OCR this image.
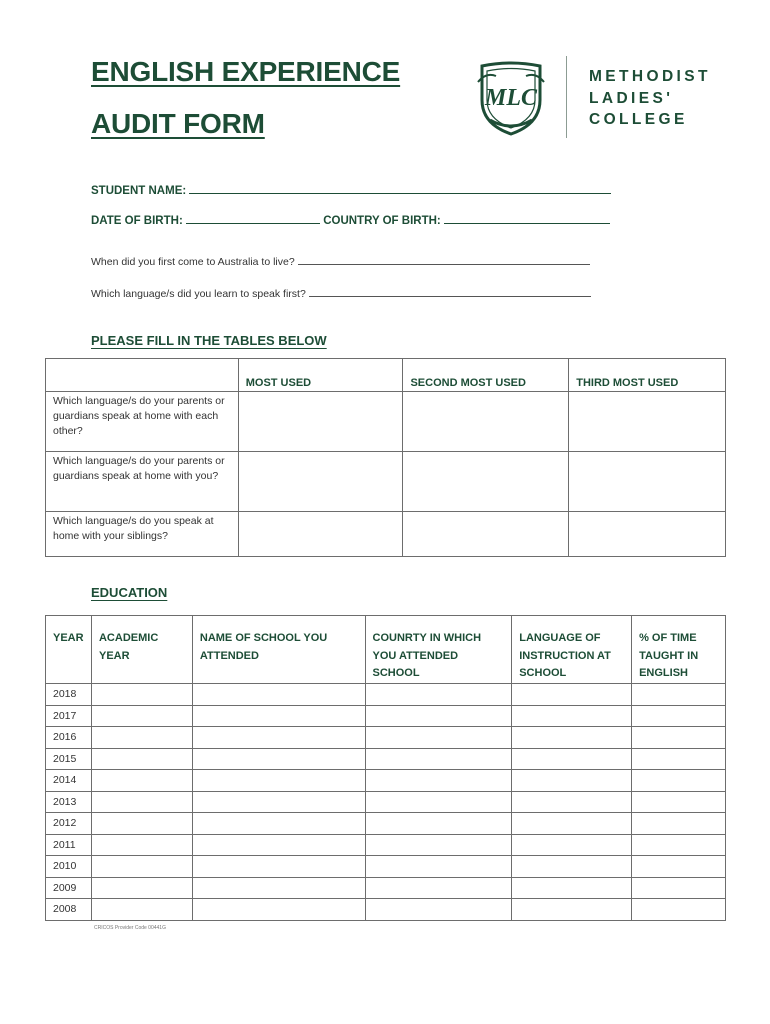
ENGLISH EXPERIENCE
AUDIT FORM
MLC
METHODIST
LADIES'
COLLEGE
STUDENT NAME:
DATE OF BIRTH:	COUNTRY OF BIRTH:
When did you first come to Australia to live?
Which language/s did you learn to speak first?
PLEASE FILL IN THE TABLES BELOW
	MOST USED	SECOND MOST USED	THIRD MOST USED
Which language/s do your parents or guardians speak at home with each other?			
Which language/s do your parents or guardians speak at home with you?			
Which language/s do you speak at home with your siblings?			
EDUCATION
YEAR	ACADEMIC YEAR	NAME OF SCHOOL YOU ATTENDED	COUNRTY IN WHICH YOU ATTENDED SCHOOL	LANGUAGE OF INSTRUCTION AT SCHOOL	% OF TIME TAUGHT IN ENGLISH
2018					
2017					
2016					
2015					
2014					
2013					
2012					
2011					
2010					
2009					
2008					
CRICOS Provider Code 00441G
